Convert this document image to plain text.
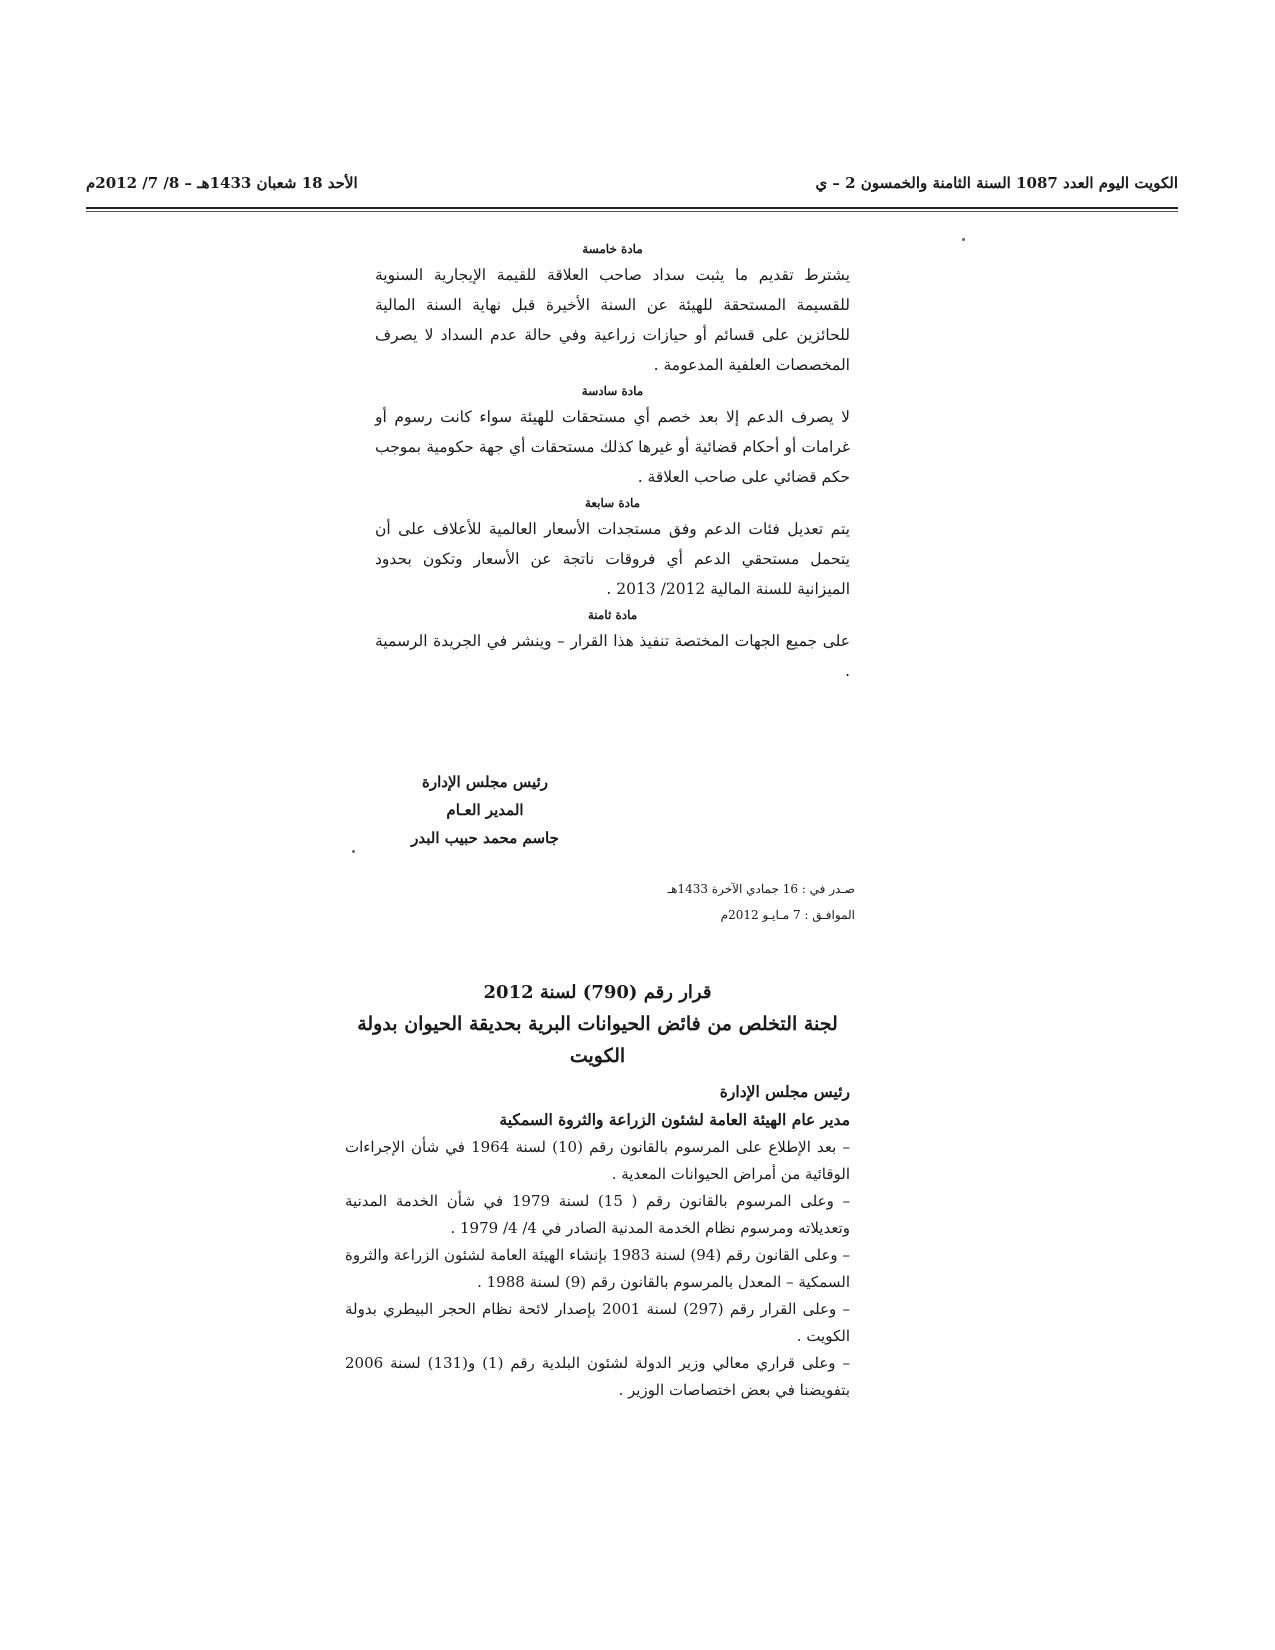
الكويت اليوم العدد 1087 السنة الثامنة والخمسون 2 – ي
الأحد 18 شعبان 1433هـ – 8/ 7/ 2012م
مادة خامسة

يشترط تقديم ما يثبت سداد صاحب العلاقة للقيمة الإيجارية السنوية للقسيمة المستحقة للهيئة عن السنة الأخيرة قبل نهاية السنة المالية للحائزين على قسائم أو حيازات زراعية وفي حالة عدم السداد لا يصرف المخصصات العلفية المدعومة .

مادة سادسة

لا يصرف الدعم إلا بعد خصم أي مستحقات للهيئة سواء كانت رسوم أو غرامات أو أحكام قضائية أو غيرها كذلك مستحقات أي جهة حكومية بموجب حكم قضائي على صاحب العلاقة .

مادة سابعة

يتم تعديل فئات الدعم وفق مستجدات الأسعار العالمية للأعلاف على أن يتحمل مستحقي الدعم أي فروقات ناتجة عن الأسعار وتكون بحدود الميزانية للسنة المالية 2012/ 2013 .

مادة ثامنة

على جميع الجهات المختصة تنفيذ هذا القرار – وينشر في الجريدة الرسمية .

رئيس مجلس الإدارة
المدير العـام
جاسم محمد حبيب البدر
صـدر في : 16 جمادي الآخرة 1433هـ
الموافـق : 7 مـايـو 2012م
قرار رقم (790) لسنة 2012
لجنة التخلص من فائض الحيوانات البرية بحديقة الحيوان بدولة الكويت

رئيس مجلس الإدارة

مدير عام الهيئة العامة لشئون الزراعة والثروة السمكية

– بعد الإطلاع على المرسوم بالقانون رقم (10) لسنة 1964 في شأن الإجراءات الوقائية من أمراض الحيوانات المعدية .

– وعلى المرسوم بالقانون رقم ( 15) لسنة 1979 في شأن الخدمة المدنية وتعديلاته ومرسوم نظام الخدمة المدنية الصادر في 4/ 4/ 1979 .

– وعلى القانون رقم (94) لسنة 1983 بإنشاء الهيئة العامة لشئون الزراعة والثروة السمكية – المعدل بالمرسوم بالقانون رقم (9) لسنة 1988 .

– وعلى القرار رقم (297) لسنة 2001 بإصدار لائحة نظام الحجر البيطري بدولة الكويت .

– وعلى قراري معالي وزير الدولة لشئون البلدية رقم (1) و(131) لسنة 2006 بتفويضنا في بعض اختصاصات الوزير .
